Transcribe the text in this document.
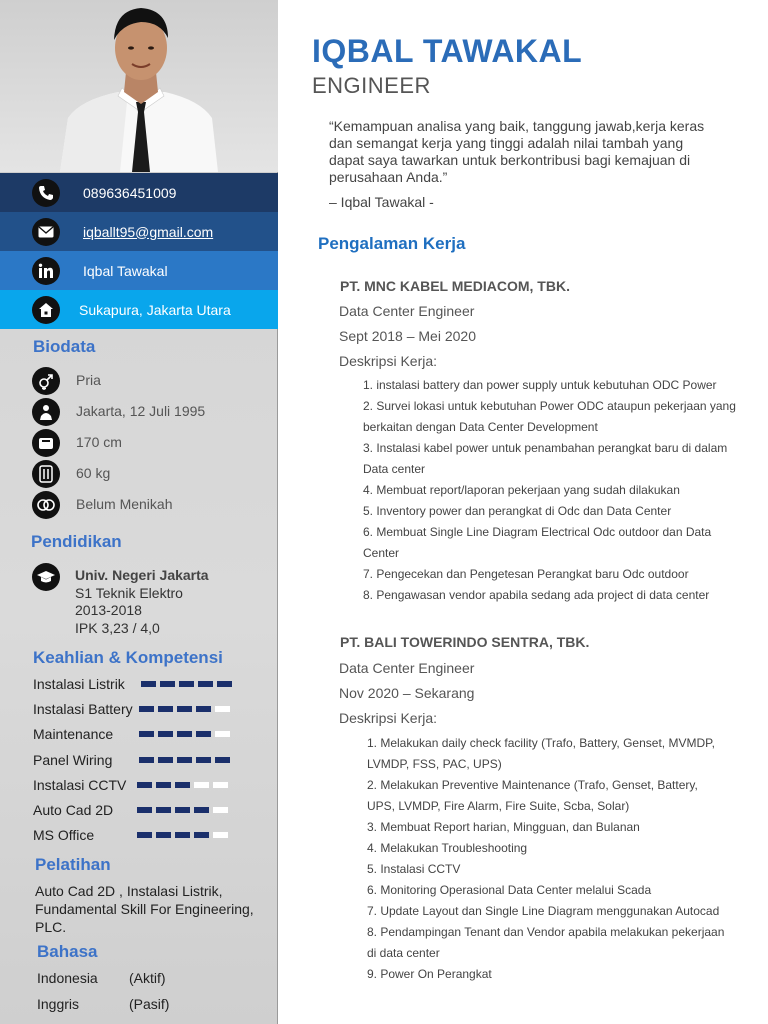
089636451009
iqballt95@gmail.com
Iqbal Tawakal
Sukapura, Jakarta Utara
Biodata
Pria
Jakarta, 12 Juli 1995
170 cm
60 kg
Belum Menikah
Pendidikan
Univ. Negeri Jakarta
S1 Teknik Elektro
2013-2018
IPK 3,23 / 4,0
Keahlian & Kompetensi
Instalasi Listrik
Instalasi Battery
Maintenance
Panel Wiring
Instalasi CCTV
Auto Cad 2D
MS Office
Pelatihan
Auto Cad 2D , Instalasi Listrik, Fundamental Skill For Engineering, PLC.
Bahasa
Indonesia (Aktif)
Inggris	(Pasif)
IQBAL TAWAKAL
ENGINEER
“Kemampuan analisa yang baik, tanggung jawab,kerja keras dan semangat kerja yang tinggi adalah nilai tambah yang dapat saya tawarkan untuk berkontribusi bagi kemajuan di perusahaan Anda.”
– Iqbal Tawakal -
Pengalaman Kerja
PT. MNC KABEL MEDIACOM, TBK.
Data Center Engineer
Sept 2018 – Mei 2020
Deskripsi Kerja:
1. instalasi battery dan power supply untuk kebutuhan ODC Power
2. Survei lokasi untuk kebutuhan Power ODC ataupun pekerjaan yang berkaitan dengan Data Center Development
3. Instalasi kabel power untuk penambahan perangkat baru di dalam Data center
4. Membuat report/laporan pekerjaan yang sudah dilakukan
5. Inventory power dan perangkat di Odc dan Data Center
6. Membuat Single Line Diagram Electrical Odc outdoor dan Data Center
7. Pengecekan dan Pengetesan Perangkat baru Odc outdoor
8. Pengawasan vendor apabila sedang ada project di data center
PT. BALI TOWERINDO SENTRA, TBK.
Data Center Engineer
Nov 2020 – Sekarang
Deskripsi Kerja:
1. Melakukan daily check facility (Trafo, Battery, Genset, MVMDP, LVMDP, FSS, PAC, UPS)
2. Melakukan Preventive Maintenance (Trafo, Genset, Battery, UPS, LVMDP, Fire Alarm, Fire Suite, Scba, Solar)
3. Membuat Report harian, Mingguan, dan Bulanan
4. Melakukan Troubleshooting
5. Instalasi CCTV
6. Monitoring Operasional Data Center melalui Scada
7. Update Layout dan Single Line Diagram menggunakan Autocad
8. Pendampingan Tenant dan Vendor apabila melakukan pekerjaan di data center
9. Power On Perangkat
